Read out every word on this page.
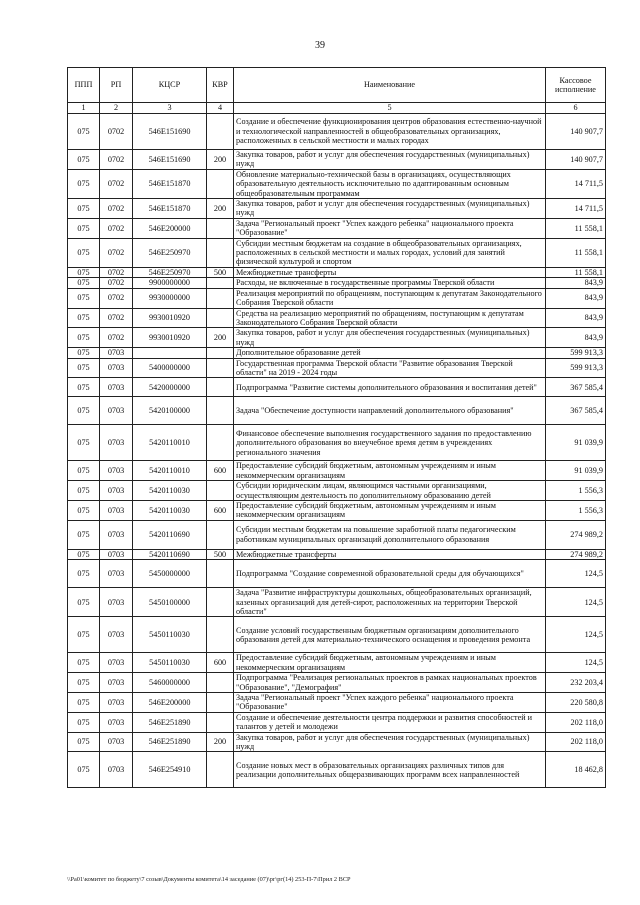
39
ППП	РП	КЦСР	КВР	Наименование	Кассовое исполнение
1	2	3	4	5	6
075	0702	546E151690		Создание и обеспечение функционирования центров образования естественно-научной и технологической направленностей в общеобразовательных организациях, расположенных в сельской местности и малых городах	140 907,7
075	0702	546E151690	200	Закупка товаров, работ и услуг для обеспечения государственных (муниципальных) нужд	140 907,7
075	0702	546E151870		Обновление материально-технической базы в организациях, осуществляющих образовательную деятельность исключительно по адаптированным основным общеобразовательным программам	14 711,5
075	0702	546E151870	200	Закупка товаров, работ и услуг для обеспечения государственных (муниципальных) нужд	14 711,5
075	0702	546E200000		Задача "Региональный проект "Успех каждого ребенка" национального проекта "Образование"	11 558,1
075	0702	546E250970		Субсидии местным бюджетам на создание в общеобразовательных организациях, расположенных в сельской местности и малых городах, условий для занятий физической культурой и спортом	11 558,1
075	0702	546E250970	500	Межбюджетные трансферты	11 558,1
075	0702	9900000000		Расходы, не включенные в государственные программы Тверской области	843,9
075	0702	9930000000		Реализация мероприятий по обращениям, поступающим к депутатам Законодательного Собрания Тверской области	843,9
075	0702	9930010920		Средства на реализацию мероприятий по обращениям, поступающим к депутатам Законодательного Собрания Тверской области	843,9
075	0702	9930010920	200	Закупка товаров, работ и услуг для обеспечения государственных (муниципальных) нужд	843,9
075	0703			Дополнительное образование детей	599 913,3
075	0703	5400000000		Государственная программа Тверской области "Развитие образования Тверской области" на 2019 - 2024 годы	599 913,3
075	0703	5420000000		Подпрограмма "Развитие системы дополнительного образования и воспитания детей"	367 585,4
075	0703	5420100000		Задача "Обеспечение доступности направлений дополнительного образования"	367 585,4
075	0703	5420110010		Финансовое обеспечение выполнения государственного задания по предоставлению дополнительного образования во внеучебное время детям в учреждениях регионального значения	91 039,9
075	0703	5420110010	600	Предоставление субсидий бюджетным, автономным учреждениям и иным некоммерческим организациям	91 039,9
075	0703	5420110030		Субсидии юридическим лицам, являющимся частными организациями, осуществляющим деятельность по дополнительному образованию детей	1 556,3
075	0703	5420110030	600	Предоставление субсидий бюджетным, автономным учреждениям и иным некоммерческим организациям	1 556,3
075	0703	5420110690		Субсидии местным бюджетам на повышение заработной платы педагогическим работникам муниципальных организаций дополнительного образования	274 989,2
075	0703	5420110690	500	Межбюджетные трансферты	274 989,2
075	0703	5450000000		Подпрограмма "Создание современной образовательной среды для обучающихся"	124,5
075	0703	5450100000		Задача "Развитие инфраструктуры дошкольных, общеобразовательных организаций, казенных организаций для детей-сирот, расположенных на территории Тверской области"	124,5
075	0703	5450110030		Создание условий государственным бюджетным организациям дополнительного образования детей для материально-технического оснащения и проведения ремонта	124,5
075	0703	5450110030	600	Предоставление субсидий бюджетным, автономным учреждениям и иным некоммерческим организациям	124,5
075	0703	5460000000		Подпрограмма "Реализация региональных проектов в рамках национальных проектов "Образование", "Демография"	232 203,4
075	0703	546E200000		Задача "Региональный проект "Успех каждого ребенка" национального проекта "Образование"	220 580,8
075	0703	546E251890		Создание и обеспечение деятельности центра поддержки и развития способностей и талантов у детей и молодежи	202 118,0
075	0703	546E251890	200	Закупка товаров, работ и услуг для обеспечения государственных (муниципальных) нужд	202 118,0
075	0703	546E254910		Создание новых мест в образовательных организациях различных типов для реализации дополнительных общеразвивающих программ всех направленностей	18 462,8
\\Pa01\комитет по бюджету\7 созыв\Документы комитета\14 заседание (07)\рг\рг(14) 253-П-7\Прил 2 ВСР
